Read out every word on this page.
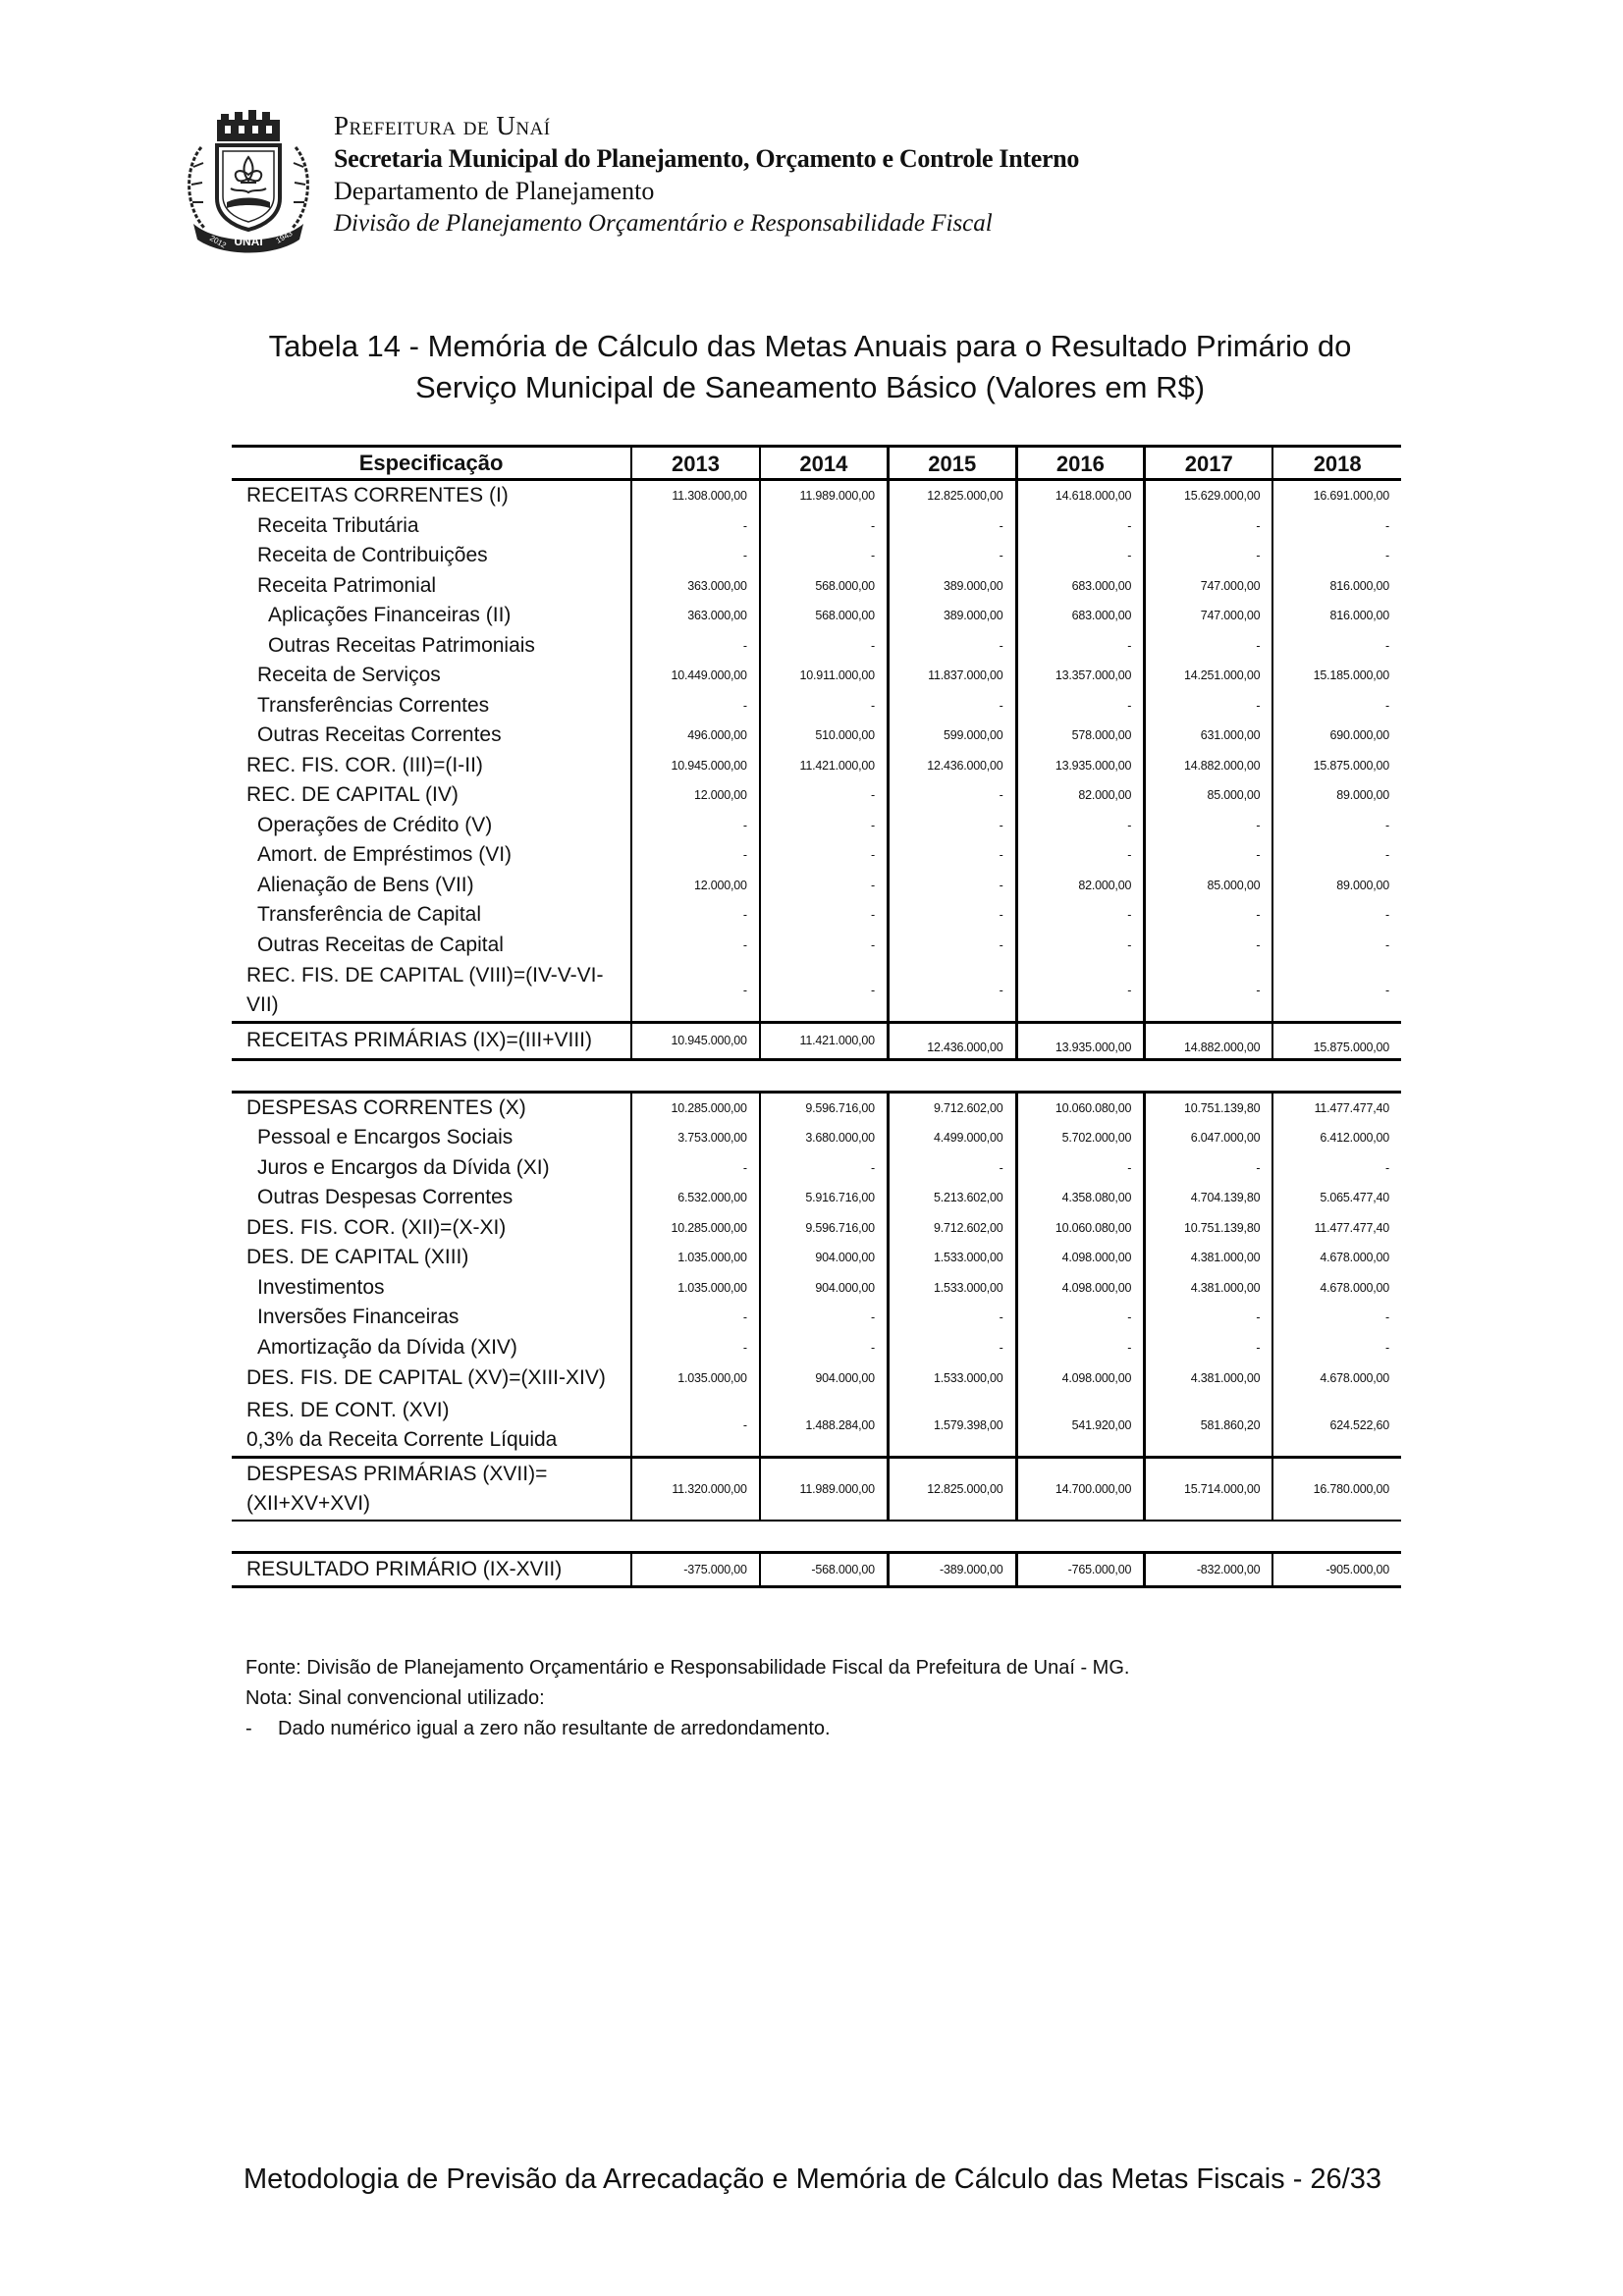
UNAÍ
2012	1943
Prefeitura de Unaí
Secretaria Municipal do Planejamento, Orçamento e Controle Interno
Departamento de Planejamento
Divisão de Planejamento Orçamentário e Responsabilidade Fiscal
Tabela 14 - Memória de Cálculo das Metas Anuais para o Resultado Primário do
Serviço Municipal de Saneamento Básico (Valores em R$)
Especificação	2013	2014	2015	2016	2017	2018
RECEITAS CORRENTES (I)	11.308.000,00	11.989.000,00	12.825.000,00	14.618.000,00	15.629.000,00	16.691.000,00
Receita Tributária	-	-	-	-	-	-
Receita de Contribuições	-	-	-	-	-	-
Receita Patrimonial	363.000,00	568.000,00	389.000,00	683.000,00	747.000,00	816.000,00
Aplicações Financeiras (II)	363.000,00	568.000,00	389.000,00	683.000,00	747.000,00	816.000,00
Outras Receitas Patrimoniais	-	-	-	-	-	-
Receita de Serviços	10.449.000,00	10.911.000,00	11.837.000,00	13.357.000,00	14.251.000,00	15.185.000,00
Transferências Correntes	-	-	-	-	-	-
Outras Receitas Correntes	496.000,00	510.000,00	599.000,00	578.000,00	631.000,00	690.000,00
REC. FIS. COR. (III)=(I-II)	10.945.000,00	11.421.000,00	12.436.000,00	13.935.000,00	14.882.000,00	15.875.000,00
REC. DE CAPITAL (IV)	12.000,00	-	-	82.000,00	85.000,00	89.000,00
Operações de Crédito (V)	-	-	-	-	-	-
Amort. de Empréstimos (VI)	-	-	-	-	-	-
Alienação de Bens (VII)	12.000,00	-	-	82.000,00	85.000,00	89.000,00
Transferência de Capital	-	-	-	-	-	-
Outras Receitas de Capital	-	-	-	-	-	-
REC. FIS. DE CAPITAL (VIII)=(IV-V-VI-VII)	-	-	-	-	-	-
RECEITAS PRIMÁRIAS (IX)=(III+VIII)	10.945.000,00	11.421.000,00	12.436.000,00	13.935.000,00	14.882.000,00	15.875.000,00

DESPESAS CORRENTES (X)	10.285.000,00	9.596.716,00	9.712.602,00	10.060.080,00	10.751.139,80	11.477.477,40
Pessoal e Encargos Sociais	3.753.000,00	3.680.000,00	4.499.000,00	5.702.000,00	6.047.000,00	6.412.000,00
Juros e Encargos da Dívida (XI)	-	-	-	-	-	-
Outras Despesas Correntes	6.532.000,00	5.916.716,00	5.213.602,00	4.358.080,00	4.704.139,80	5.065.477,40
DES. FIS. COR. (XII)=(X-XI)	10.285.000,00	9.596.716,00	9.712.602,00	10.060.080,00	10.751.139,80	11.477.477,40
DES. DE CAPITAL (XIII)	1.035.000,00	904.000,00	1.533.000,00	4.098.000,00	4.381.000,00	4.678.000,00
Investimentos	1.035.000,00	904.000,00	1.533.000,00	4.098.000,00	4.381.000,00	4.678.000,00
Inversões Financeiras	-	-	-	-	-	-
Amortização da Dívida (XIV)	-	-	-	-	-	-
DES. FIS. DE CAPITAL (XV)=(XIII-XIV)	1.035.000,00	904.000,00	1.533.000,00	4.098.000,00	4.381.000,00	4.678.000,00

RES. DE CONT. (XVI)
0,3% da Receita Corrente Líquida	-	1.488.284,00	1.579.398,00	541.920,00	581.860,20	624.522,60
DESPESAS PRIMÁRIAS (XVII)=(XII+XV+XVI)	11.320.000,00	11.989.000,00	12.825.000,00	14.700.000,00	15.714.000,00	16.780.000,00

RESULTADO PRIMÁRIO (IX-XVII)	-375.000,00	-568.000,00	-389.000,00	-765.000,00	-832.000,00	-905.000,00
Fonte: Divisão de Planejamento Orçamentário e Responsabilidade Fiscal da Prefeitura de Unaí - MG.
Nota: Sinal convencional utilizado:
- Dado numérico igual a zero não resultante de arredondamento.
Metodologia de Previsão da Arrecadação e Memória de Cálculo das Metas Fiscais - 26/33
